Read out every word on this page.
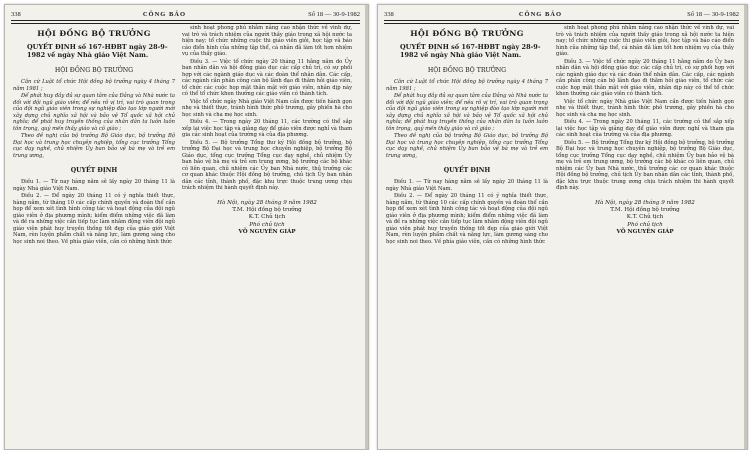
338	CÔNG BÁO	Số 18 — 30-9-1982
HỘI ĐỒNG BỘ TRƯỞNG
QUYẾT ĐỊNH số 167-HĐBT ngày 28-9-1982 về ngày Nhà giáo Việt Nam.
HỘI ĐỒNG BỘ TRƯỞNG

Căn cứ Luật tổ chức Hội đồng bộ trưởng ngày 4 tháng 7 năm 1981 ;

Để phát huy đầy đủ sự quan tâm của Đảng và Nhà nước ta đối với đội ngũ giáo viên; để nêu rõ vị trí, vai trò quan trọng của đội ngũ giáo viên trong sự nghiệp đào tạo lớp người mới xây dựng chủ nghĩa xã hội và bảo vệ Tổ quốc xã hội chủ nghĩa; để phát huy truyền thống của nhân dân ta luôn luôn tôn trọng, quý mến thầy giáo và cô giáo ;

Theo đề nghị của bộ trưởng Bộ Giáo dục, bộ trưởng Bộ Đại học và trung học chuyên nghiệp, tổng cục trưởng Tổng cục dạy nghề, chủ nhiệm Ủy ban bảo vệ bà mẹ và trẻ em trung ương,

QUYẾT ĐỊNH

Điều 1. — Từ nay hàng năm sẽ lấy ngày 20 tháng 11 là ngày Nhà giáo Việt Nam.

Điều 2. — Để ngày 20 tháng 11 có ý nghĩa thiết thực, hàng năm, từ tháng 10 các cấp chính quyền và đoàn thể cần họp để xem xét tình hình công tác và hoạt động của đội ngũ giáo viên ở địa phương mình; kiểm điểm những việc đã làm và đề ra những việc cần tiếp tục làm nhằm động viên đội ngũ giáo viên phát huy truyền thống tốt đẹp của giáo giới Việt Nam, rèn luyện phẩm chất và năng lực, làm gương sáng cho học sinh noi theo. Về phía giáo viên, cần có những hình thức

sinh hoạt phong phú nhằm nâng cao nhận thức về vinh dự, vai trò và trách nhiệm của người thầy giáo trong xã hội nước ta hiện nay; tổ chức những cuộc thi giáo viên giỏi, học tập và báo cáo điển hình của những tập thể, cá nhân đã làm tốt hơn nhiệm vụ của thầy giáo.

Điều 3. — Việc tổ chức ngày 20 tháng 11 hằng năm do Ủy ban nhân dân và hội đồng giáo dục các cấp chủ trì, có sự phối hợp với các ngành giáo dục và các đoàn thể nhân dân. Các cấp, các ngành cần phân công cán bộ lãnh đạo đi thăm hỏi giáo viên, tổ chức các cuộc họp mặt thân mật với giáo viên, nhân dịp này có thể tổ chức khen thưởng các giáo viên có thành tích.

Việc tổ chức ngày Nhà giáo Việt Nam cần được tiến hành gọn nhẹ và thiết thực, tránh hình thức phô trương, gây phiền hà cho học sinh và cha mẹ học sinh.

Điều 4. — Trong ngày 20 tháng 11, các trường có thể sắp xếp lại việc học tập và giảng dạy để giáo viên được nghỉ và tham gia các sinh hoạt của trường và của địa phương.

Điều 5. — Bộ trưởng Tổng thư ký Hội đồng bộ trưởng, bộ trưởng Bộ Đại học và trung học chuyên nghiệp, bộ trưởng Bộ Giáo dục, tổng cục trưởng Tổng cục dạy nghề, chủ nhiệm Ủy ban bảo vệ bà mẹ và trẻ em trung ương, bộ trưởng các bộ khác có liên quan, chủ nhiệm các Ủy ban Nhà nước, thủ trưởng các cơ quan khác thuộc Hội đồng bộ trưởng, chủ tịch Ủy ban nhân dân các tỉnh, thành phố, đặc khu trực thuộc trung ương chịu trách nhiệm thi hành quyết định này.

Hà Nội, ngày 28 tháng 9 năm 1982
T.M. Hội đồng bộ trưởng
K.T. Chủ tịch
Phó chủ tịch
VÕ NGUYÊN GIÁP
338	CÔNG BÁO	Số 18 — 30-9-1982
HỘI ĐỒNG BỘ TRƯỞNG
QUYẾT ĐỊNH số 167-HĐBT ngày 28-9-1982 về ngày Nhà giáo Việt Nam.
HỘI ĐỒNG BỘ TRƯỞNG

Căn cứ Luật tổ chức Hội đồng bộ trưởng ngày 4 tháng 7 năm 1981 ;

Để phát huy đầy đủ sự quan tâm của Đảng và Nhà nước ta đối với đội ngũ giáo viên; để nêu rõ vị trí, vai trò quan trọng của đội ngũ giáo viên trong sự nghiệp đào tạo lớp người mới xây dựng chủ nghĩa xã hội và bảo vệ Tổ quốc xã hội chủ nghĩa; để phát huy truyền thống của nhân dân ta luôn luôn tôn trọng, quý mến thầy giáo và cô giáo ;

Theo đề nghị của bộ trưởng Bộ Giáo dục, bộ trưởng Bộ Đại học và trung học chuyên nghiệp, tổng cục trưởng Tổng cục dạy nghề, chủ nhiệm Ủy ban bảo vệ bà mẹ và trẻ em trung ương,

QUYẾT ĐỊNH

Điều 1. — Từ nay hàng năm sẽ lấy ngày 20 tháng 11 là ngày Nhà giáo Việt Nam.

Điều 2. — Để ngày 20 tháng 11 có ý nghĩa thiết thực, hàng năm, từ tháng 10 các cấp chính quyền và đoàn thể cần họp để xem xét tình hình công tác và hoạt động của đội ngũ giáo viên ở địa phương mình; kiểm điểm những việc đã làm và đề ra những việc cần tiếp tục làm nhằm động viên đội ngũ giáo viên phát huy truyền thống tốt đẹp của giáo giới Việt Nam, rèn luyện phẩm chất và năng lực, làm gương sáng cho học sinh noi theo. Về phía giáo viên, cần có những hình thức

sinh hoạt phong phú nhằm nâng cao nhận thức về vinh dự, vai trò và trách nhiệm của người thầy giáo trong xã hội nước ta hiện nay; tổ chức những cuộc thi giáo viên giỏi, học tập và báo cáo điển hình của những tập thể, cá nhân đã làm tốt hơn nhiệm vụ của thầy giáo.

Điều 3. — Việc tổ chức ngày 20 tháng 11 hằng năm do Ủy ban nhân dân và hội đồng giáo dục các cấp chủ trì, có sự phối hợp với các ngành giáo dục và các đoàn thể nhân dân. Các cấp, các ngành cần phân công cán bộ lãnh đạo đi thăm hỏi giáo viên, tổ chức các cuộc họp mặt thân mật với giáo viên, nhân dịp này có thể tổ chức khen thưởng các giáo viên có thành tích.

Việc tổ chức ngày Nhà giáo Việt Nam cần được tiến hành gọn nhẹ và thiết thực, tránh hình thức phô trương, gây phiền hà cho học sinh và cha mẹ học sinh.

Điều 4. — Trong ngày 20 tháng 11, các trường có thể sắp xếp lại việc học tập và giảng dạy để giáo viên được nghỉ và tham gia các sinh hoạt của trường và của địa phương.

Điều 5. — Bộ trưởng Tổng thư ký Hội đồng bộ trưởng, bộ trưởng Bộ Đại học và trung học chuyên nghiệp, bộ trưởng Bộ Giáo dục, tổng cục trưởng Tổng cục dạy nghề, chủ nhiệm Ủy ban bảo vệ bà mẹ và trẻ em trung ương, bộ trưởng các bộ khác có liên quan, chủ nhiệm các Ủy ban Nhà nước, thủ trưởng các cơ quan khác thuộc Hội đồng bộ trưởng, chủ tịch Ủy ban nhân dân các tỉnh, thành phố, đặc khu trực thuộc trung ương chịu trách nhiệm thi hành quyết định này.

Hà Nội, ngày 28 tháng 9 năm 1982
T.M. Hội đồng bộ trưởng
K.T. Chủ tịch
Phó chủ tịch
VÕ NGUYÊN GIÁP
